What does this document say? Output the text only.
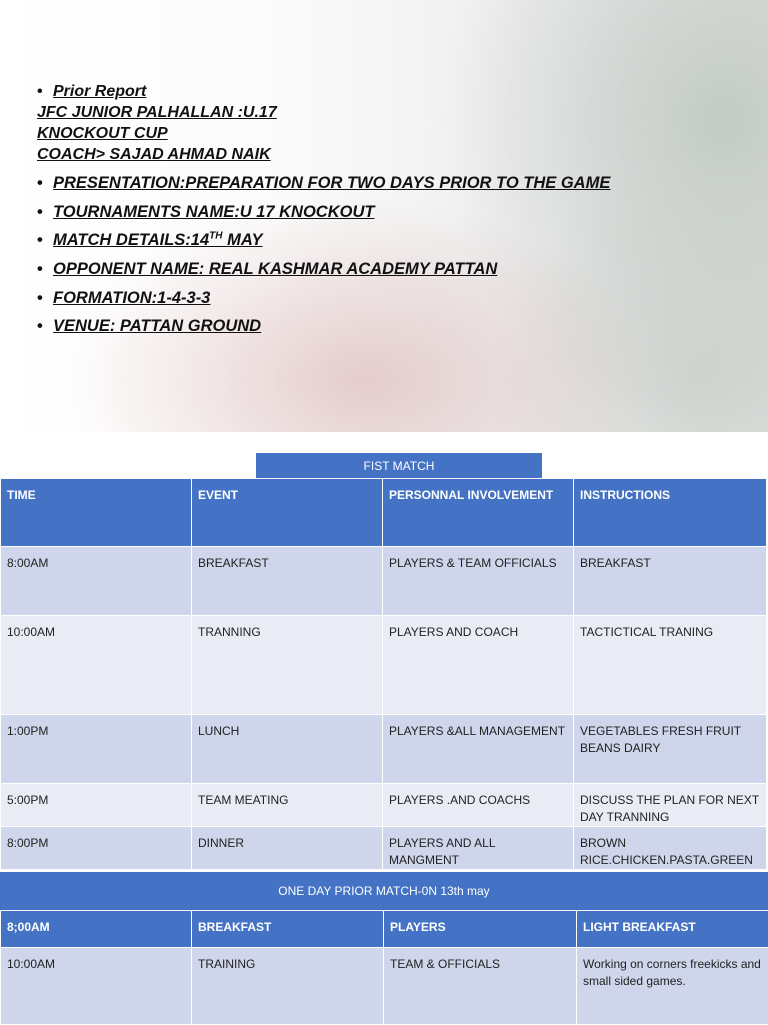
• Prior Report
JFC JUNIOR PALHALLAN :U.17
KNOCKOUT CUP
COACH> SAJAD AHMAD NAIK
• PRESENTATION:PREPARATION FOR TWO DAYS PRIOR TO THE GAME
• TOURNAMENTS NAME:U 17 KNOCKOUT
• MATCH DETAILS:14TH MAY
• OPPONENT NAME: REAL KASHMAR ACADEMY PATTAN
• FORMATION:1-4-3-3
• VENUE: PATTAN GROUND
FIST MATCH
TIME	EVENT	PERSONNAL INVOLVEMENT	INSTRUCTIONS
8:00AM	BREAKFAST	PLAYERS & TEAM OFFICIALS	BREAKFAST
10:00AM	TRANNING	PLAYERS AND COACH	TACTICTICAL TRANING
1:00PM	LUNCH	PLAYERS &ALL MANAGEMENT	VEGETABLES FRESH FRUIT BEANS DAIRY
5:00PM	TEAM MEATING	PLAYERS .AND COACHS	DISCUSS THE PLAN FOR NEXT DAY TRANNING
8:00PM	DINNER	PLAYERS AND ALL MANGMENT	BROWN RICE.CHICKEN.PASTA.GREEN
ONE DAY PRIOR MATCH-0N 13th may
8;00AM	BREAKFAST	PLAYERS	LIGHT BREAKFAST
10:00AM	TRAINING	TEAM & OFFICIALS	Working on corners freekicks and small sided games.
